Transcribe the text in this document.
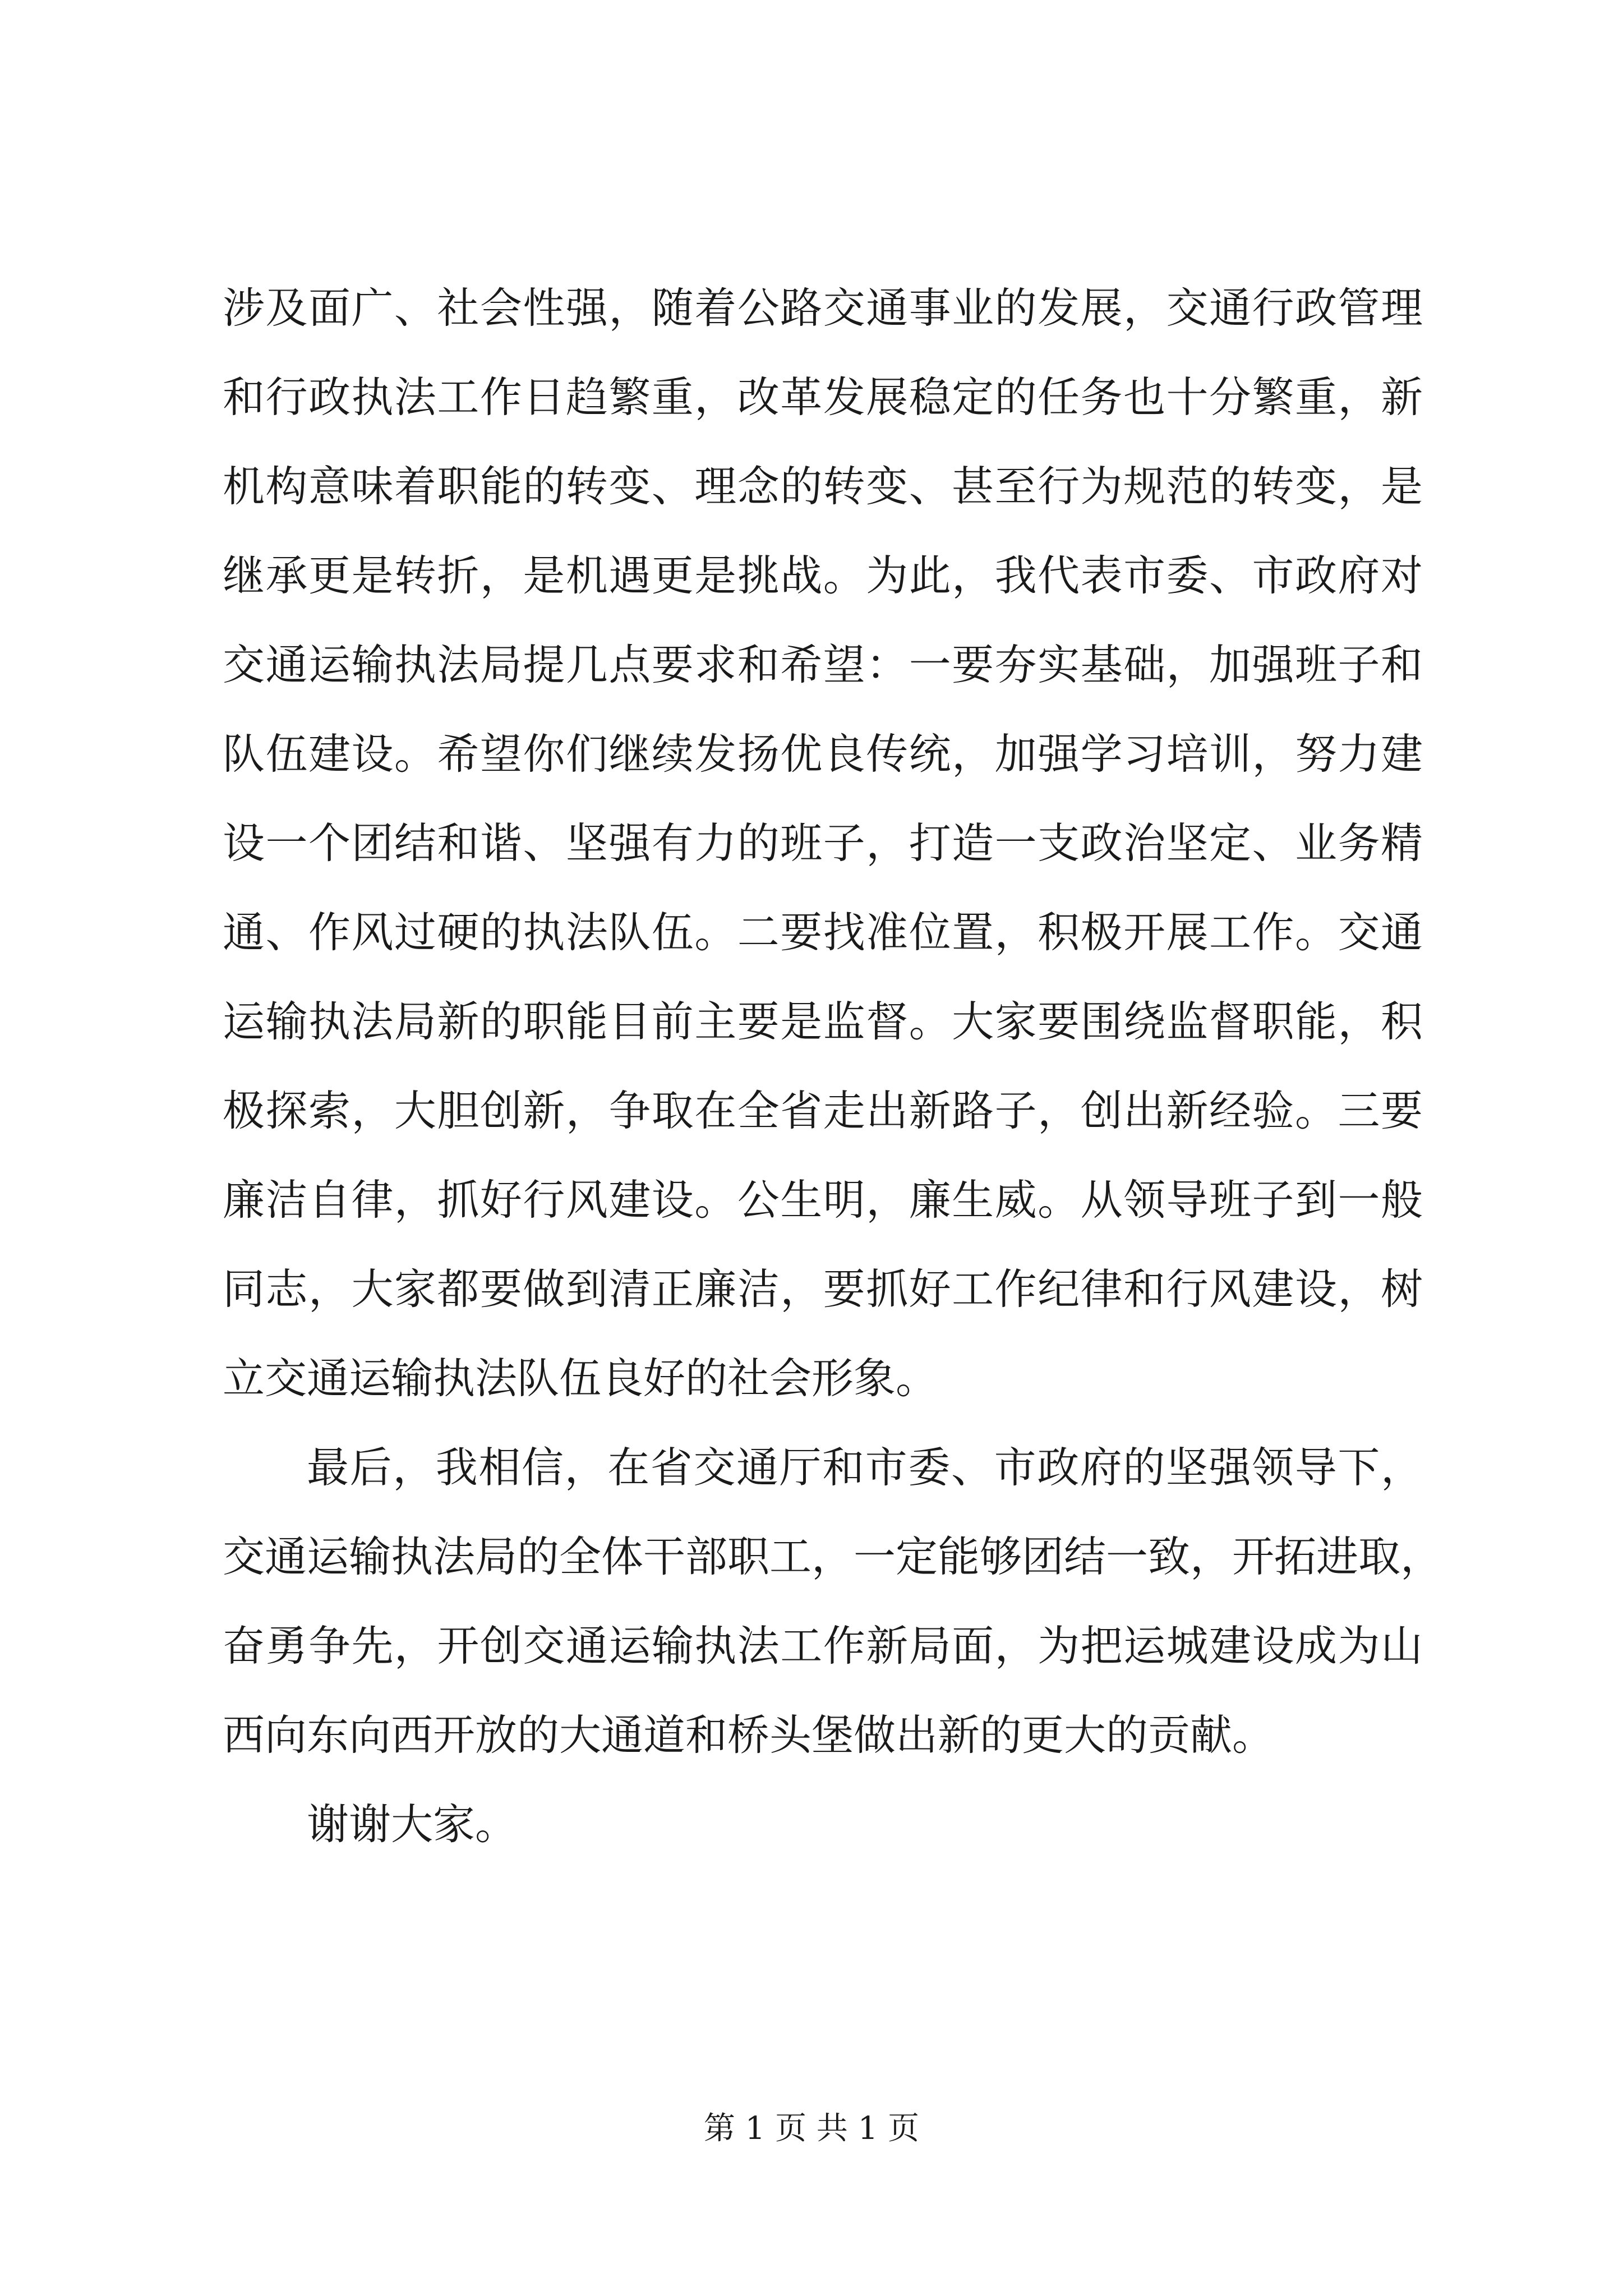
涉及面广、社会性强，随着公路交通事业的发展，交通行政管理
和行政执法工作日趋繁重，改革发展稳定的任务也十分繁重，新
机构意味着职能的转变、理念的转变、甚至行为规范的转变，是
继承更是转折，是机遇更是挑战。为此，我代表市委、市政府对
交通运输执法局提几点要求和希望：一要夯实基础，加强班子和
队伍建设。希望你们继续发扬优良传统，加强学习培训，努力建
设一个团结和谐、坚强有力的班子，打造一支政治坚定、业务精
通、作风过硬的执法队伍。二要找准位置，积极开展工作。交通
运输执法局新的职能目前主要是监督。大家要围绕监督职能，积
极探索，大胆创新，争取在全省走出新路子，创出新经验。三要
廉洁自律，抓好行风建设。公生明，廉生威。从领导班子到一般
同志，大家都要做到清正廉洁，要抓好工作纪律和行风建设，树
立交通运输执法队伍良好的社会形象。
最后，我相信，在省交通厅和市委、市政府的坚强领导下，
交通运输执法局的全体干部职工，一定能够团结一致，开拓进取，
奋勇争先，开创交通运输执法工作新局面，为把运城建设成为山
西向东向西开放的大通道和桥头堡做出新的更大的贡献。
谢谢大家。
第 1 页 共 1 页
